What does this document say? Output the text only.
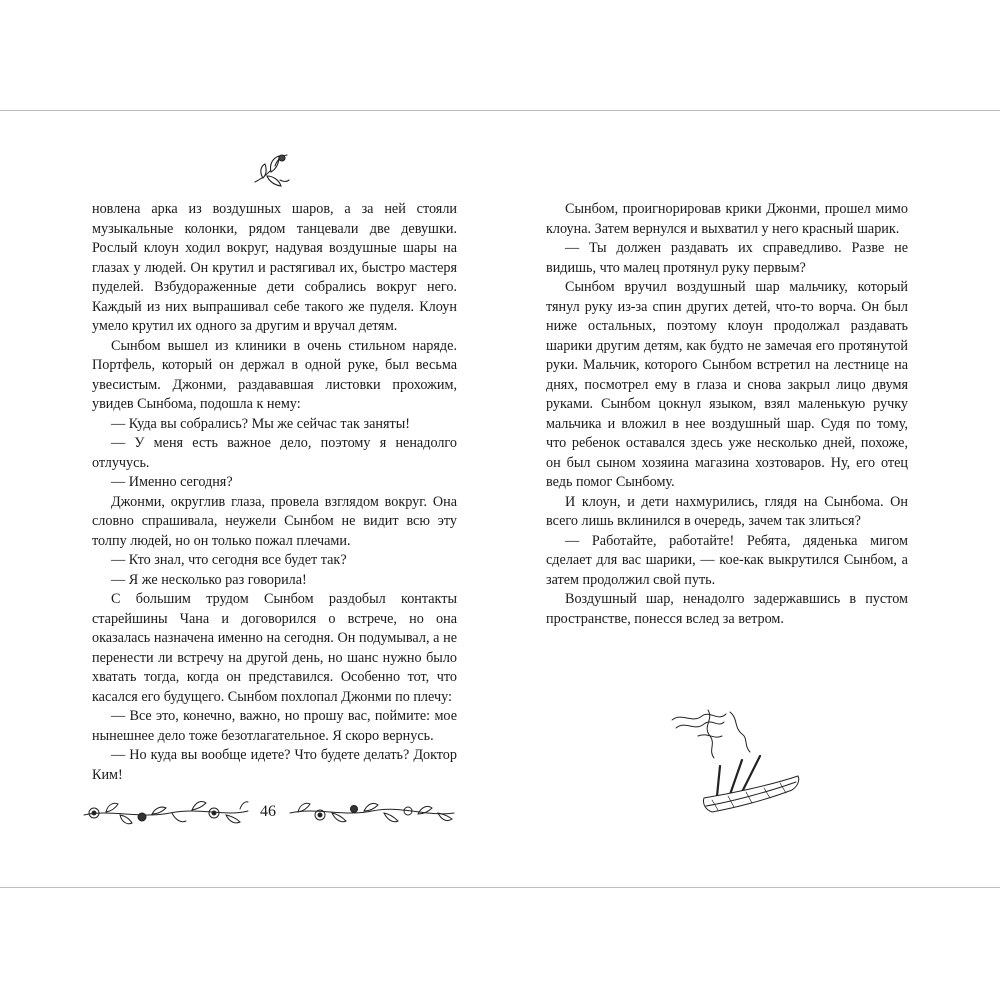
новлена арка из воздушных шаров, а за ней стояли музыкальные колонки, рядом танцевали две девушки. Рослый клоун ходил вокруг, надувая воздушные шары на глазах у людей. Он крутил и растягивал их, быстро мастеря пуделей. Взбудораженные дети собрались вокруг него. Каждый из них выпрашивал себе такого же пуделя. Клоун умело крутил их одного за другим и вручал детям.

Сынбом вышел из клиники в очень стильном наряде. Портфель, который он держал в одной руке, был весьма увесистым. Джонми, раздававшая листовки прохожим, увидев Сынбома, подошла к нему:

— Куда вы собрались? Мы же сейчас так заняты!

— У меня есть важное дело, поэтому я ненадолго отлучусь.

— Именно сегодня?

Джонми, округлив глаза, провела взглядом вокруг. Она словно спрашивала, неужели Сынбом не видит всю эту толпу людей, но он только пожал плечами.

— Кто знал, что сегодня все будет так?

— Я же несколько раз говорила!

С большим трудом Сынбом раздобыл контакты старейшины Чана и договорился о встрече, но она оказалась назначена именно на сегодня. Он подумывал, а не перенести ли встречу на другой день, но шанс нужно было хватать тогда, когда он представился. Особенно тот, что касался его будущего. Сынбом похлопал Джонми по плечу:

— Все это, конечно, важно, но прошу вас, поймите: мое нынешнее дело тоже безотлагательное. Я скоро вернусь.

— Но куда вы вообще идете? Что будете делать? Доктор Ким!

46

Сынбом, проигнорировав крики Джонми, прошел мимо клоуна. Затем вернулся и выхватил у него красный шарик.

— Ты должен раздавать их справедливо. Разве не видишь, что малец протянул руку первым?

Сынбом вручил воздушный шар мальчику, который тянул руку из-за спин других детей, что-то ворча. Он был ниже остальных, поэтому клоун продолжал раздавать шарики другим детям, как будто не замечая его протянутой руки. Мальчик, которого Сынбом встретил на лестнице на днях, посмотрел ему в глаза и снова закрыл лицо двумя руками. Сынбом цокнул языком, взял маленькую ручку мальчика и вложил в нее воздушный шар. Судя по тому, что ребенок оставался здесь уже несколько дней, похоже, он был сыном хозяина магазина хозтоваров. Ну, его отец ведь помог Сынбому.

И клоун, и дети нахмурились, глядя на Сынбома. Он всего лишь вклинился в очередь, зачем так злиться?

— Работайте, работайте! Ребята, дяденька мигом сделает для вас шарики, — кое-как выкрутился Сынбом, а затем продолжил свой путь.

Воздушный шар, ненадолго задержавшись в пустом пространстве, понесся вслед за ветром.
